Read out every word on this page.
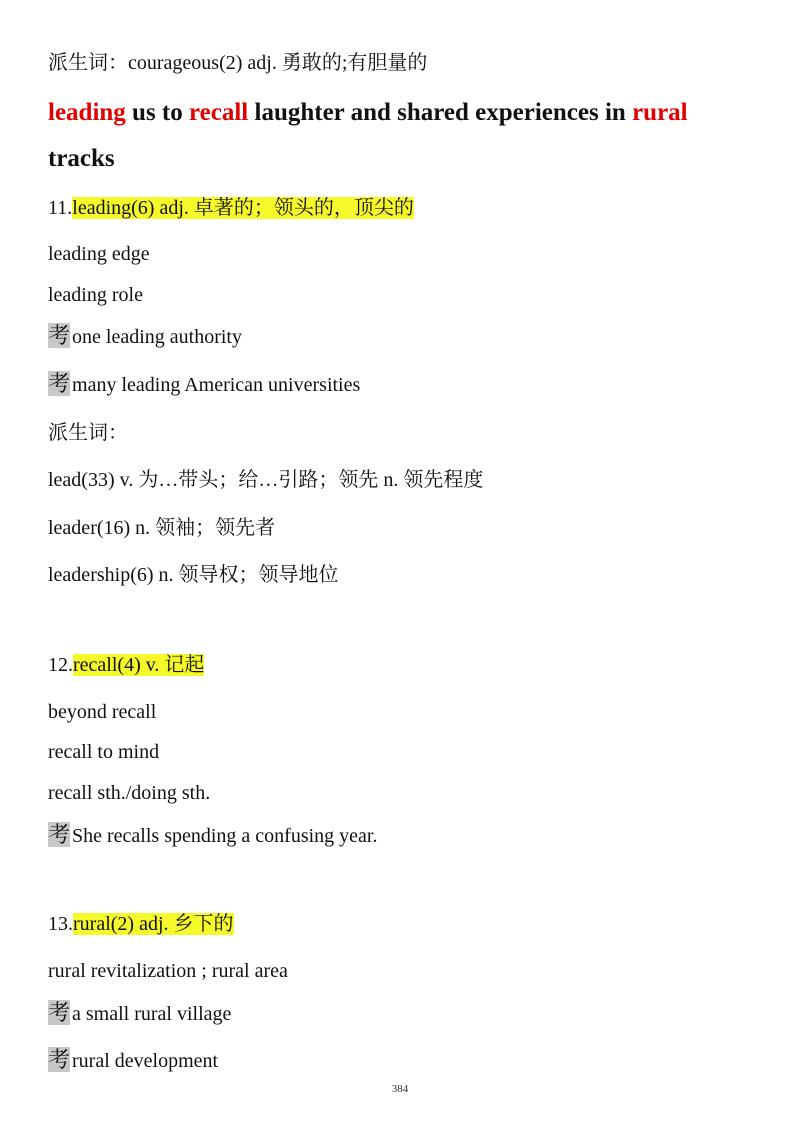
派生词：courageous(2) adj. 勇敢的;有胆量的
leading us to recall laughter and shared experiences in rural
tracks
11.leading(6) adj. 卓著的；领头的，顶尖的
leading edge
leading role
考 one leading authority
考 many leading American universities
派生词：
lead(33) v. 为…带头；给…引路；领先 n. 领先程度
leader(16) n. 领袖；领先者
leadership(6) n. 领导权；领导地位
12.recall(4) v. 记起
beyond recall
recall to mind
recall sth./doing sth.
考 She recalls spending a confusing year.
13.rural(2) adj. 乡下的
rural revitalization ; rural area
考 a small rural village
考 rural development
384
